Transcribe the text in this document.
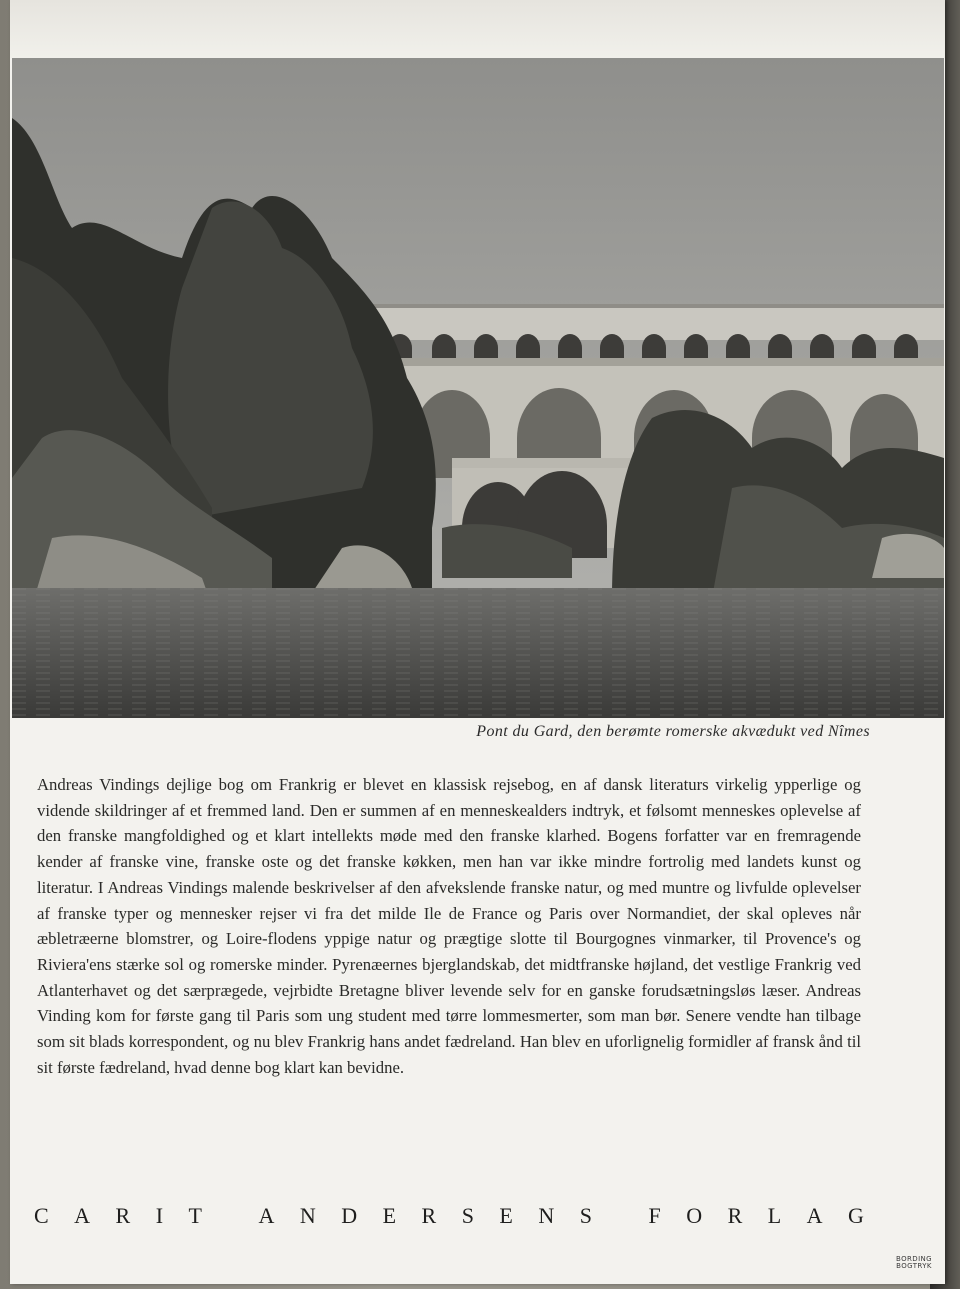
Pont du Gard, den berømte romerske akvædukt ved Nîmes

Andreas Vindings dejlige bog om Frankrig er blevet en klassisk rejsebog, en af dansk literaturs virkelig ypperlige og vidende skildringer af et fremmed land. Den er summen af en menneskealders indtryk, et følsomt menneskes oplevelse af den franske mangfoldighed og et klart intellekts møde med den franske klarhed. Bogens forfatter var en fremragende kender af franske vine, franske oste og det franske køkken, men han var ikke mindre fortrolig med landets kunst og literatur. I Andreas Vindings malende beskrivelser af den afvekslende franske natur, og med muntre og livfulde oplevelser af franske typer og mennesker rejser vi fra det milde Ile de France og Paris over Normandiet, der skal opleves når æbletræerne blomstrer, og Loire-flodens yppige natur og prægtige slotte til Bourgognes vinmarker, til Provence's og Riviera'ens stærke sol og romerske minder. Pyrenæernes bjerglandskab, det midtfranske højland, det vestlige Frankrig ved Atlanterhavet og det særprægede, vejrbidte Bretagne bliver levende selv for en ganske forudsætningsløs læser. Andreas Vinding kom for første gang til Paris som ung student med tørre lommesmerter, som man bør. Senere vendte han tilbage som sit blads korrespondent, og nu blev Frankrig hans andet fædreland. Han blev en uforlignelig formidler af fransk ånd til sit første fædreland, hvad denne bog klart kan bevidne.

C A R I T
	A N D E R S E N S
	F O R L A G
BORDING
BOGTRYK
